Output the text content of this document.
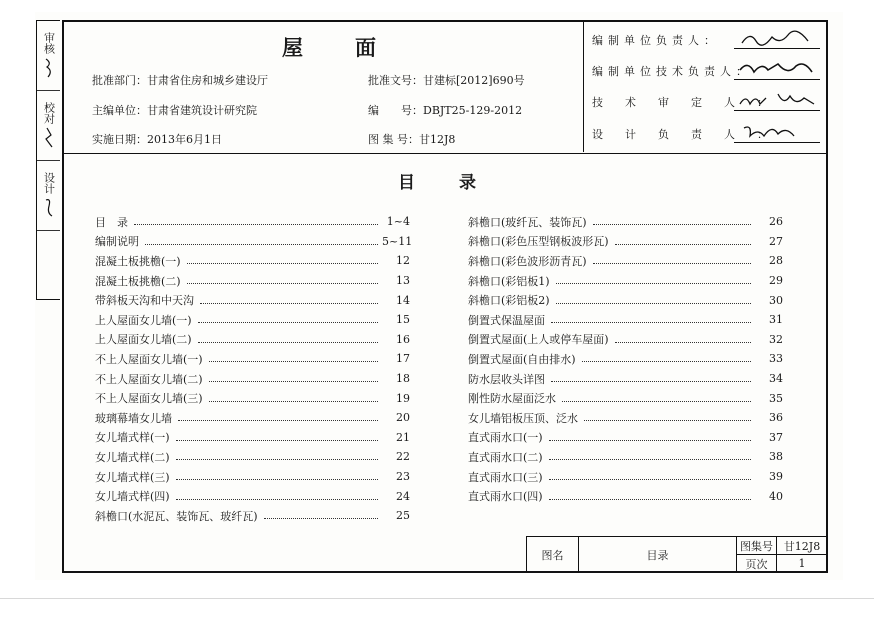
审核
校对
设计
屋面
批准部门：甘肃省住房和城乡建设厅	批准文号：甘建标[2012]690号
主编单位：甘肃省建筑设计研究院	编　　号：DBJT25-129-2012
实施日期：2013年6月1日	图 集 号：甘12J8
编制单位负责人：
编制单位技术负责人：
技术审定人：
设计负责人：
目录
目　录	1~4
编制说明	5~11
混凝土板挑檐(一)	12
混凝土板挑檐(二)	13
带斜板天沟和中天沟	14
上人屋面女儿墙(一)	15
上人屋面女儿墙(二)	16
不上人屋面女儿墙(一)	17
不上人屋面女儿墙(二)	18
不上人屋面女儿墙(三)	19
玻璃幕墙女儿墙	20
女儿墙式样(一)	21
女儿墙式样(二)	22
女儿墙式样(三)	23
女儿墙式样(四)	24
斜檐口(水泥瓦、装饰瓦、玻纤瓦)	25
斜檐口(玻纤瓦、装饰瓦)	26
斜檐口(彩色压型钢板波形瓦)	27
斜檐口(彩色波形沥青瓦)	28
斜檐口(彩铝板1)	29
斜檐口(彩铝板2)	30
倒置式保温屋面	31
倒置式屋面(上人或停车屋面)	32
倒置式屋面(自由排水)	33
防水层收头详图	34
刚性防水屋面泛水	35
女儿墙铝板压顶、泛水	36
直式雨水口(一)	37
直式雨水口(二)	38
直式雨水口(三)	39
直式雨水口(四)	40
图名	目录
图集号 甘12J8
页次	1
